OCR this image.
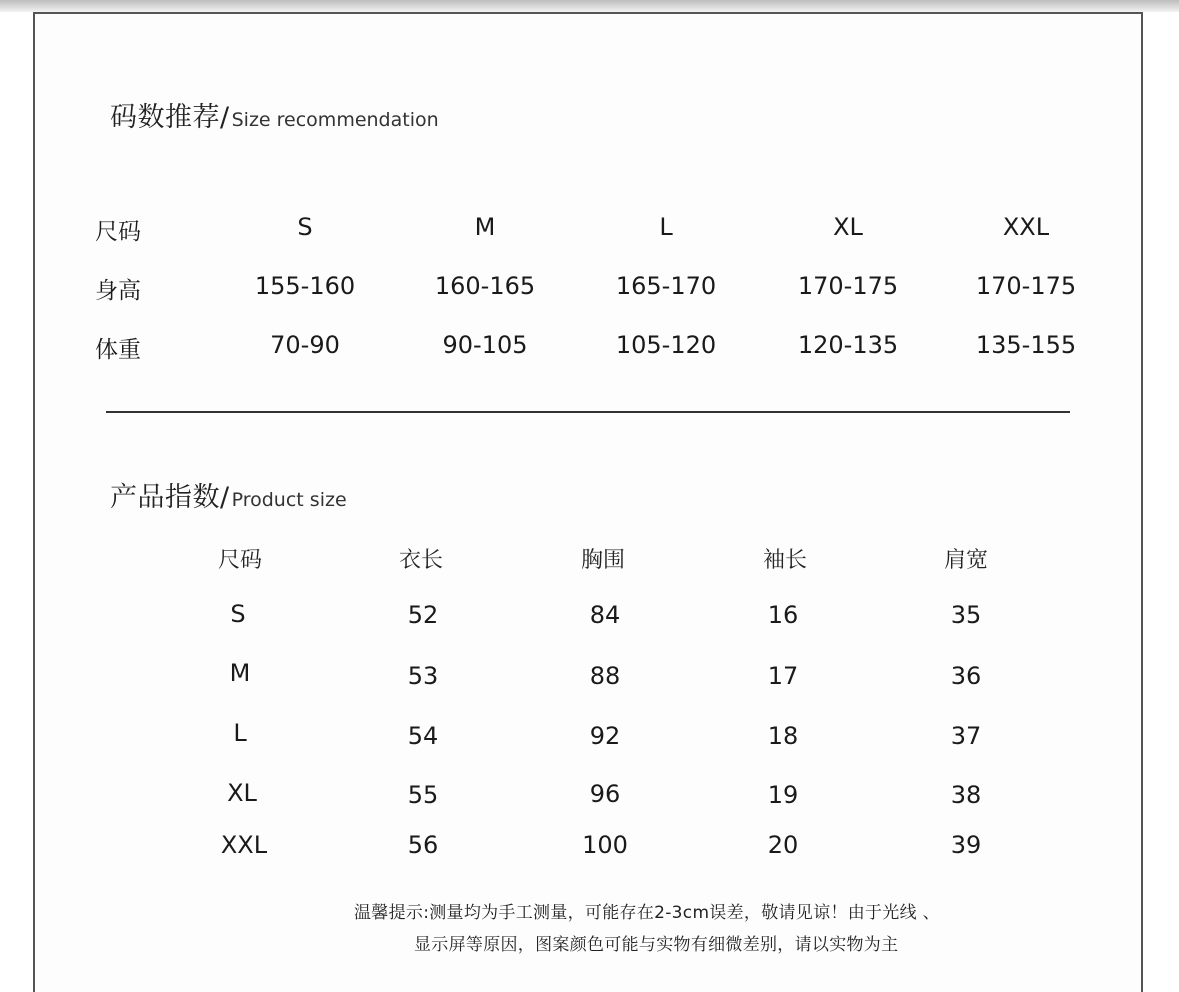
码数推荐/ Size recommendation
尺码	S	M	L	XL	XXL
身高	155-160	160-165	165-170	170-175	170-175
体重	70-90	90-105	105-120	120-135	135-155
产品指数/ Product size
尺码	衣长	胸围	袖长	肩宽
S	52	84	16	35
M	53	88	17	36
L	54	92	18	37
XL	55	96	19	38
XXL	56	100	20	39
温馨提示:测量均为手工测量，可能存在2-3cm误差，敬请见谅！由于光线 、
显示屏等原因，图案颜色可能与实物有细微差别，请以实物为主
